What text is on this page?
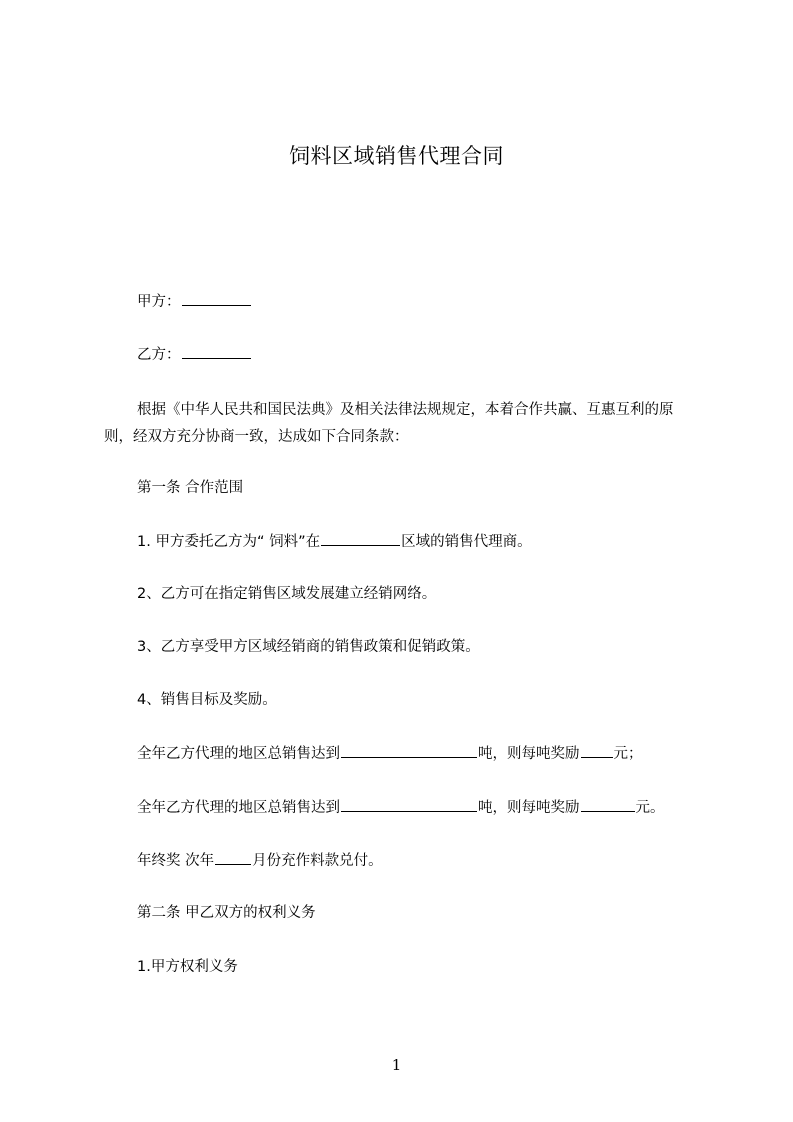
饲料区域销售代理合同
甲方：
乙方：
根据《中华人民共和国民法典》及相关法律法规规定，本着合作共赢、互惠互利的原则，经双方充分协商一致，达成如下合同条款：
第一条 合作范围
1. 甲方委托乙方为“ 饲料”在	区域的销售代理商。
2、乙方可在指定销售区域发展建立经销网络。
3、乙方享受甲方区域经销商的销售政策和促销政策。
4、销售目标及奖励。
全年乙方代理的地区总销售达到	吨，则每吨奖励 元；
全年乙方代理的地区总销售达到	吨，则每吨奖励	元。
年终奖 次年	月份充作料款兑付。
第二条 甲乙双方的权利义务
1.甲方权利义务
1
